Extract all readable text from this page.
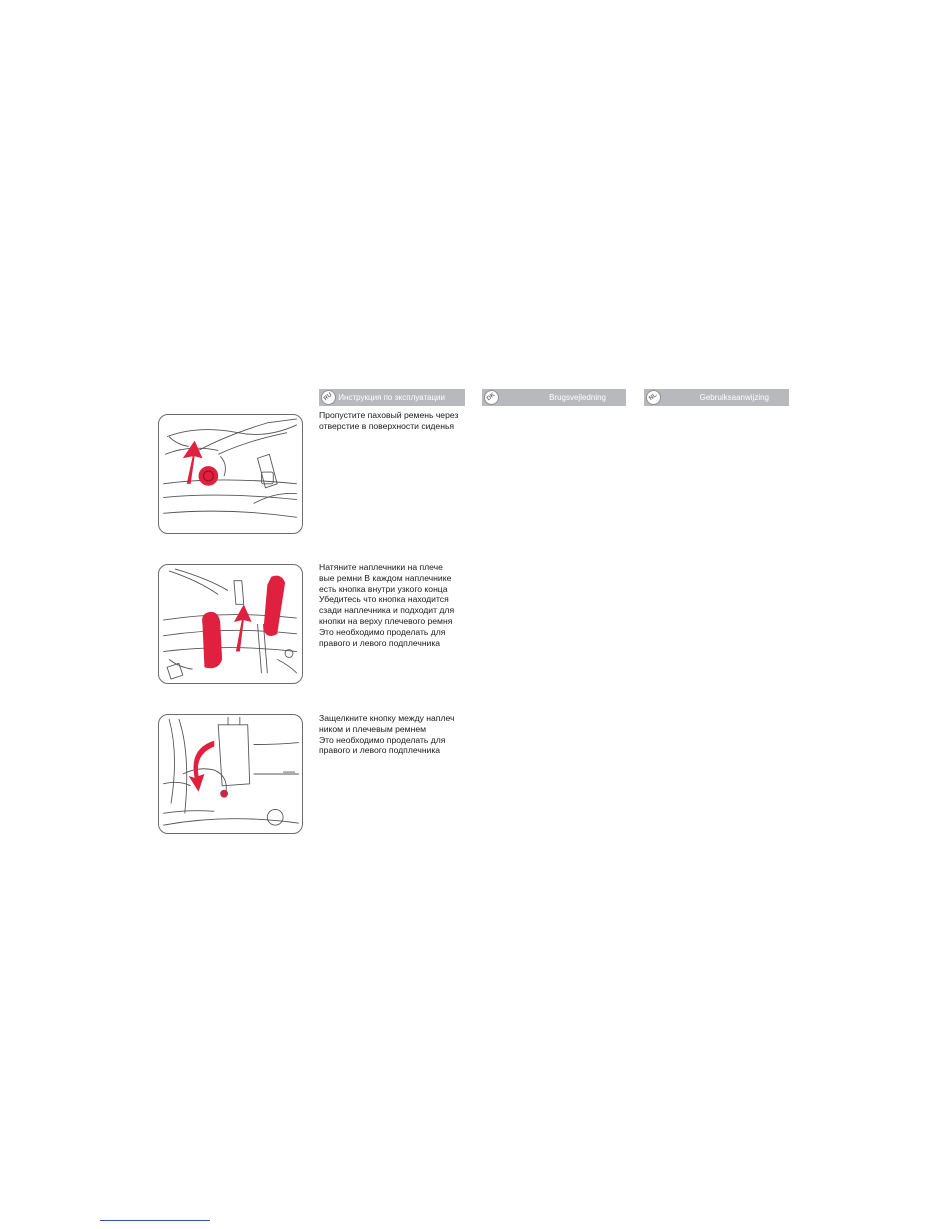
RU Инструкция по эксплуатации	DK	Brugsvejledning	NL	Gebruiksaanwijzing

Пропустите паховый ремень через
отверстие в поверхности сиденья

Натяните наплечники на плече
вые ремни В каждом наплечнике
есть кнопка внутри узкого конца
Убедитесь что кнопка находится
сзади наплечника и подходит для
кнопки на верху плечевого ремня
Это необходимо проделать для
правого и левого подплечника

Защелкните кнопку между наплеч
ником и плечевым ремнем
Это необходимо проделать для
правого и левого подплечника
